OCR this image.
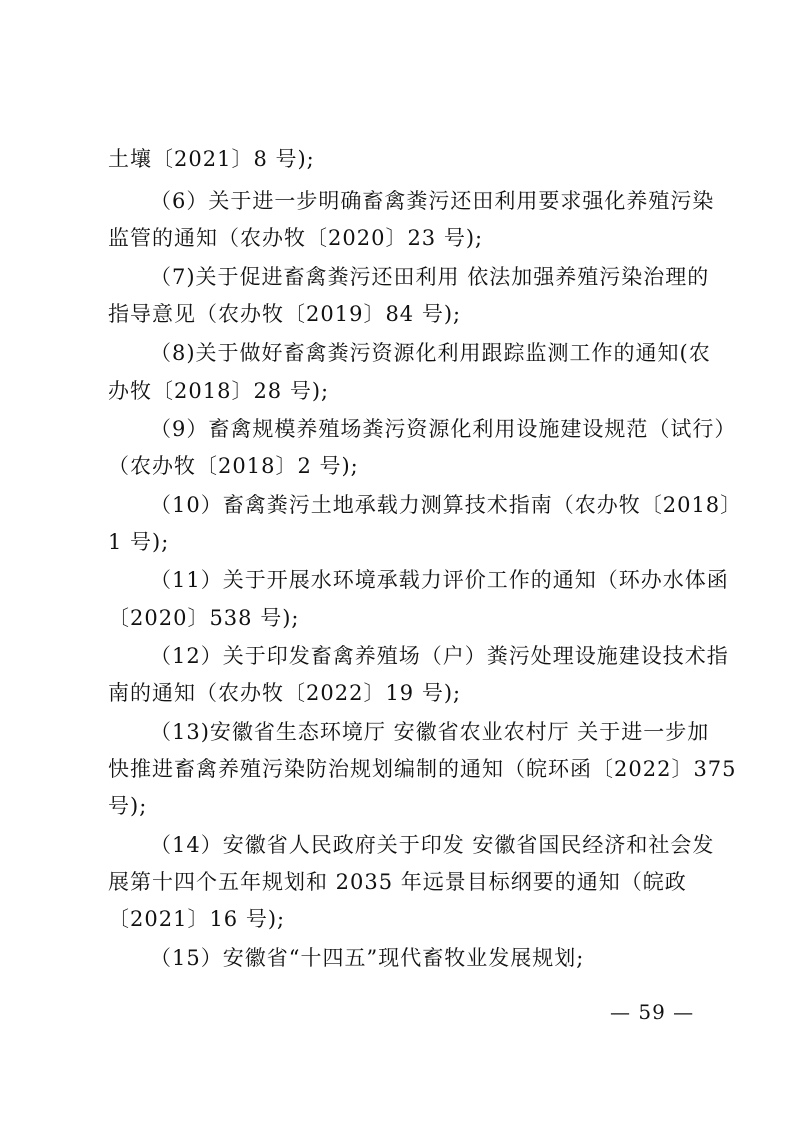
土壤〔2021〕8 号);
（6）关于进一步明确畜禽粪污还田利用要求强化养殖污染
监管的通知（农办牧〔2020〕23 号);
（7)关于促进畜禽粪污还田利用 依法加强养殖污染治理的
指导意见（农办牧〔2019〕84 号);
（8)关于做好畜禽粪污资源化利用跟踪监测工作的通知(农
办牧〔2018〕28 号);
（9）畜禽规模养殖场粪污资源化利用设施建设规范（试行）
（农办牧〔2018〕2 号);
（10）畜禽粪污土地承载力测算技术指南（农办牧〔2018〕
1 号);
（11）关于开展水环境承载力评价工作的通知（环办水体函
〔2020〕538 号);
（12）关于印发畜禽养殖场（户）粪污处理设施建设技术指
南的通知（农办牧〔2022〕19 号);
（13)安徽省生态环境厅 安徽省农业农村厅 关于进一步加
快推进畜禽养殖污染防治规划编制的通知（皖环函〔2022〕375
号);
（14）安徽省人民政府关于印发 安徽省国民经济和社会发
展第十四个五年规划和 2035 年远景目标纲要的通知（皖政
〔2021〕16 号);
（15）安徽省“十四五”现代畜牧业发展规划;
— 59 —
